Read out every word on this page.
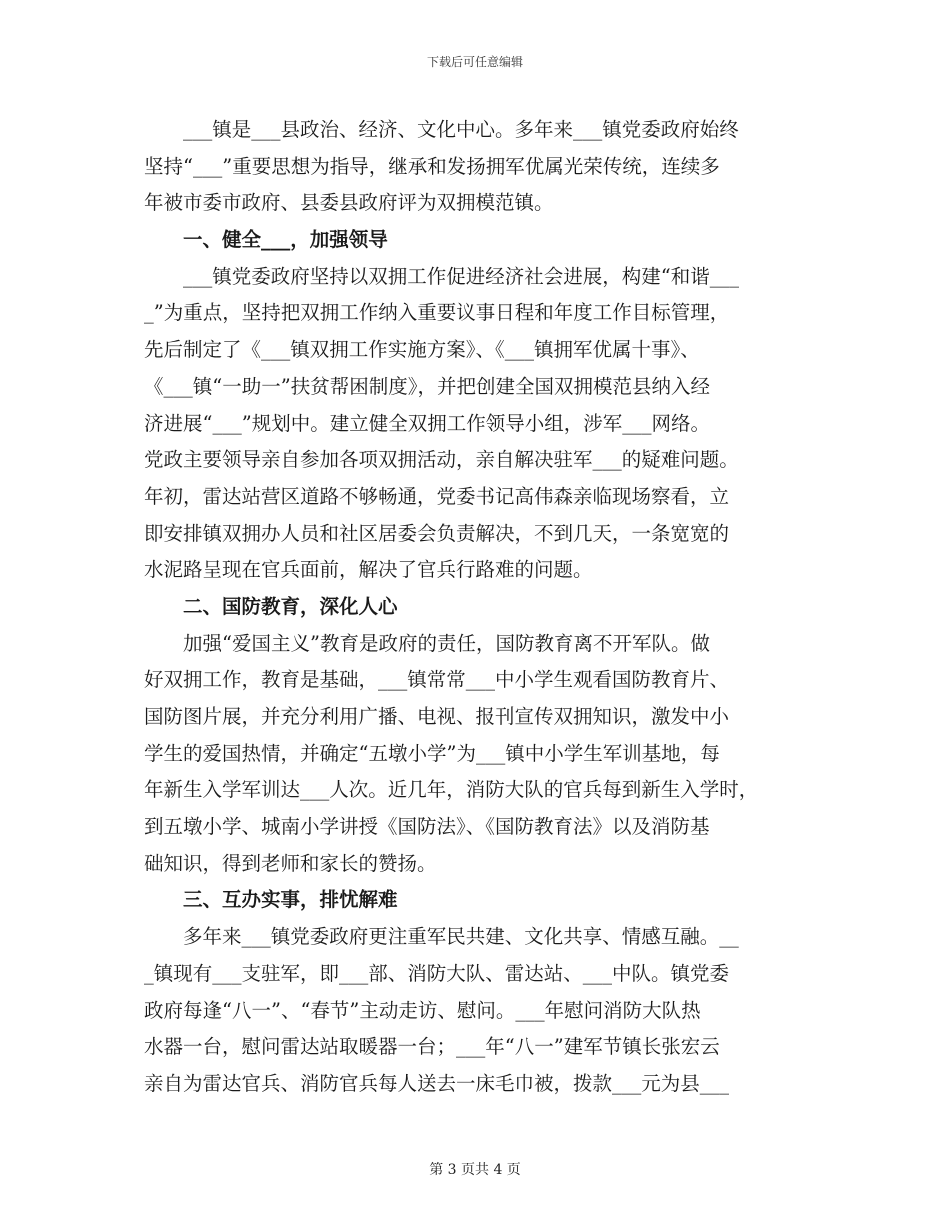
下载后可任意编辑
___镇是___县政治、经济、文化中心。多年来___镇党委政府始终
坚持“___”重要思想为指导，继承和发扬拥军优属光荣传统，连续多
年被市委市政府、县委县政府评为双拥模范镇。
一、健全___，加强领导
___镇党委政府坚持以双拥工作促进经济社会进展，构建“和谐___
_”为重点，坚持把双拥工作纳入重要议事日程和年度工作目标管理，
先后制定了《___镇双拥工作实施方案》、《___镇拥军优属十事》、
《___镇“一助一”扶贫帮困制度》，并把创建全国双拥模范县纳入经
济进展“___”规划中。建立健全双拥工作领导小组，涉军___网络。
党政主要领导亲自参加各项双拥活动，亲自解决驻军___的疑难问题。
年初，雷达站营区道路不够畅通，党委书记高伟森亲临现场察看，立
即安排镇双拥办人员和社区居委会负责解决，不到几天，一条宽宽的
水泥路呈现在官兵面前，解决了官兵行路难的问题。
二、国防教育，深化人心
加强“爱国主义”教育是政府的责任，国防教育离不开军队。做
好双拥工作，教育是基础，___镇常常___中小学生观看国防教育片、
国防图片展，并充分利用广播、电视、报刊宣传双拥知识，激发中小
学生的爱国热情，并确定“五墩小学”为___镇中小学生军训基地，每
年新生入学军训达___人次。近几年，消防大队的官兵每到新生入学时，
到五墩小学、城南小学讲授《国防法》、《国防教育法》以及消防基
础知识，得到老师和家长的赞扬。
三、互办实事，排忧解难
多年来___镇党委政府更注重军民共建、文化共享、情感互融。__
_镇现有___支驻军，即___部、消防大队、雷达站、___中队。镇党委
政府每逢“八一”、“春节”主动走访、慰问。___年慰问消防大队热
水器一台，慰问雷达站取暖器一台；___年“八一”建军节镇长张宏云
亲自为雷达官兵、消防官兵每人送去一床毛巾被，拨款___元为县___
第 3 页共 4 页
